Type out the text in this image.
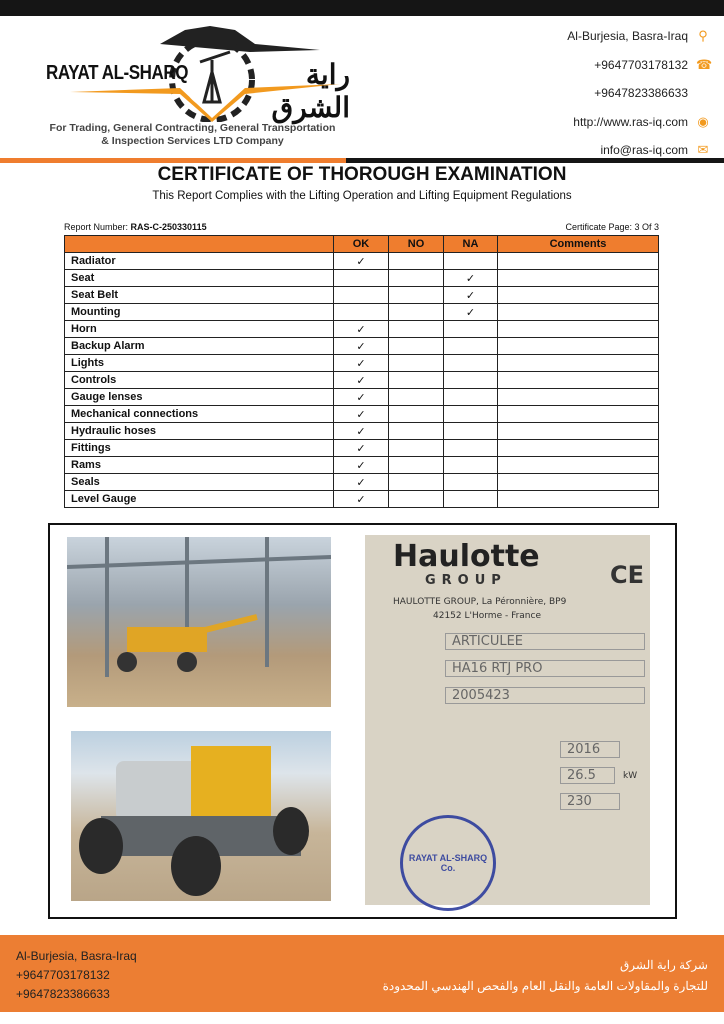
RAYAT AL-SHARQ	راية الشرق
For Trading, General Contracting, General Transportation
& Inspection Services LTD Company
Al-Burjesia, Basra-Iraq ⚲
+9647703178132 ☎
+9647823386633
http://www.ras-iq.com ◉
info@ras-iq.com ✉
CERTIFICATE OF THOROUGH EXAMINATION
This Report Complies with the Lifting Operation and Lifting Equipment Regulations
Report Number: RAS-C-250330115	Certificate Page: 3 Of 3
	OK	NO	NA	Comments
Radiator	✓			
Seat			✓	
Seat Belt			✓	
Mounting			✓	
Horn	✓			
Backup Alarm	✓			
Lights	✓			
Controls	✓			
Gauge lenses	✓			
Mechanical connections	✓			
Hydraulic hoses	✓			
Fittings	✓			
Rams	✓			
Seals	✓			
Level Gauge	✓			
Haulotte
GROUP	CE
HAULOTTE GROUP, La Péronnière, BP9
42152 L'Horme - France
ARTICULEE
HA16 RTJ PRO
2005423
2016
26.5	kW
230
RAYAT AL-SHARQ Co.
Al-Burjesia, Basra-Iraq
+9647703178132
+9647823386633
شركة راية الشرق
للتجارة والمقاولات العامة والنقل العام والفحص الهندسي المحدودة
